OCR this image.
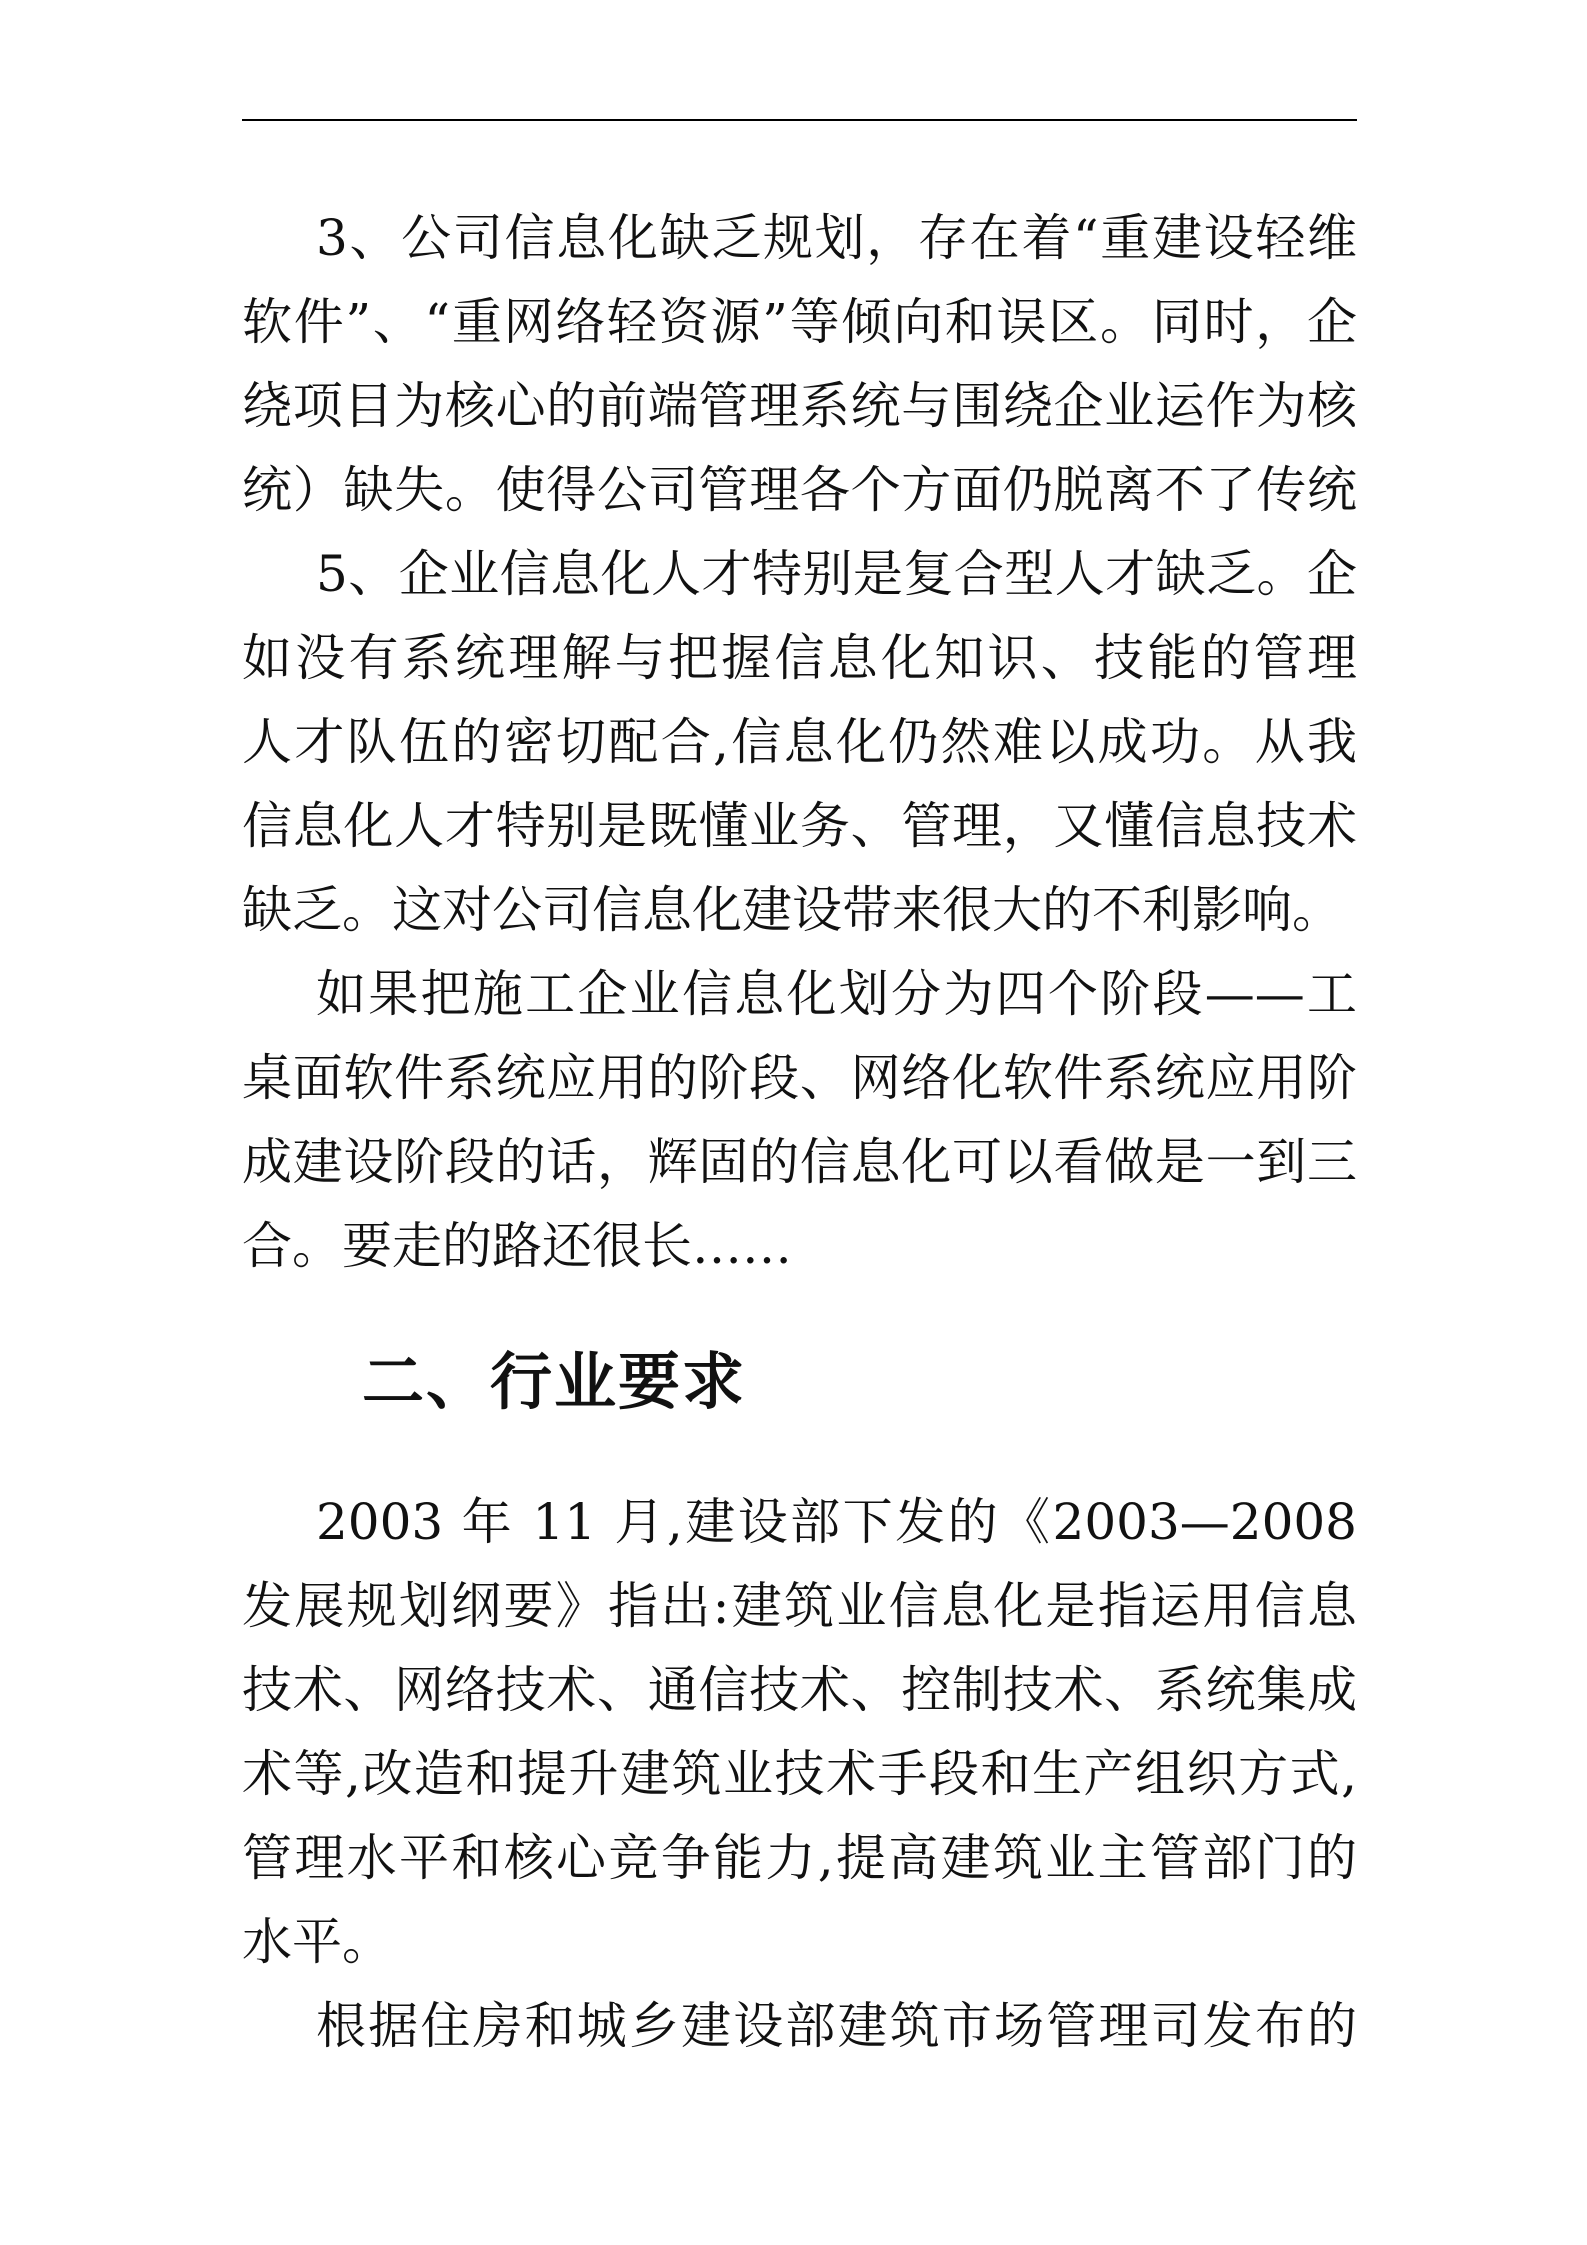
3、公司信息化缺乏规划，存在着“重建设轻维
软件”、“重网络轻资源”等倾向和误区。同时，企
绕项目为核心的前端管理系统与围绕企业运作为核
统）缺失。使得公司管理各个方面仍脱离不了传统
5、企业信息化人才特别是复合型人才缺乏。企
如没有系统理解与把握信息化知识、技能的管理
人才队伍的密切配合,信息化仍然难以成功。从我
信息化人才特别是既懂业务、管理，又懂信息技术
缺乏。这对公司信息化建设带来很大的不利影响。
如果把施工企业信息化划分为四个阶段——工
桌面软件系统应用的阶段、网络化软件系统应用阶
成建设阶段的话，辉固的信息化可以看做是一到三
合。要走的路还很长……
二、行业要求
2003 年 11 月,建设部下发的《2003—2008
发展规划纲要》指出:建筑业信息化是指运用信息
技术、网络技术、通信技术、控制技术、系统集成
术等,改造和提升建筑业技术手段和生产组织方式,
管理水平和核心竞争能力,提高建筑业主管部门的
水平。
根据住房和城乡建设部建筑市场管理司发布的
